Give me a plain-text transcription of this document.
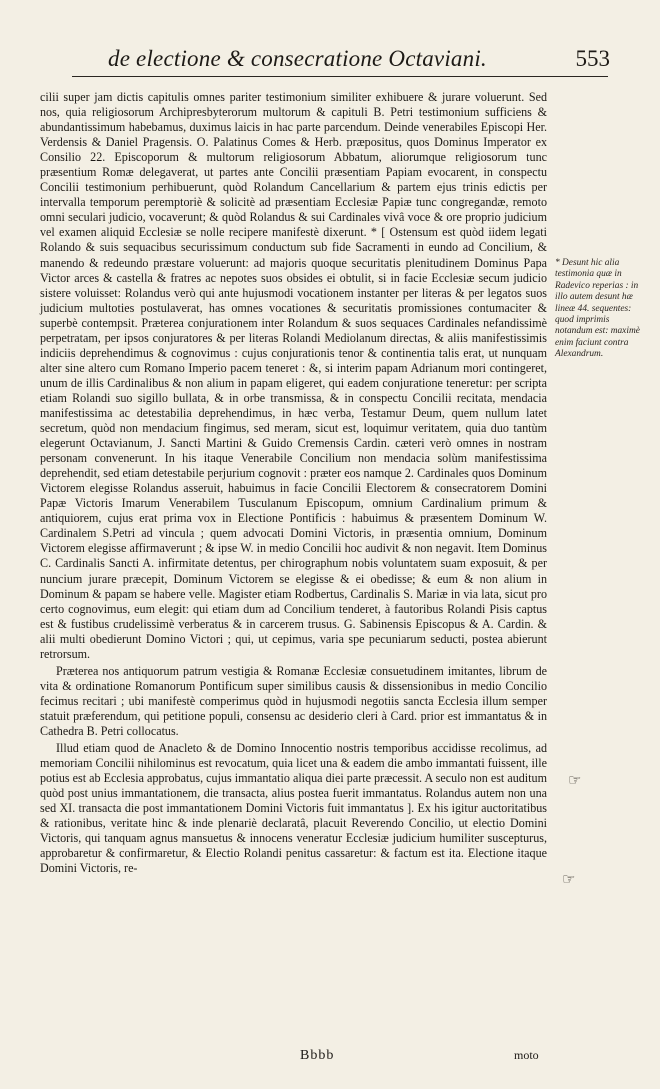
de electione & consecratione Octaviani.	553

cilii super jam dictis capitulis omnes pariter testimonium similiter exhibuere & jurare voluerunt. Sed nos, quia religiosorum Archipresbyterorum multorum & capituli B. Petri testimonium sufficiens & abundantissimum habebamus, duximus laicis in hac parte parcendum. Deinde venerabiles Episcopi Her. Verdensis & Daniel Pragensis. O. Palatinus Comes & Herb. præpositus, quos Dominus Imperator ex Consilio 22. Episcoporum & multorum religiosorum Abbatum, aliorumque religiosorum tunc præsentium Romæ delegaverat, ut partes ante Concilii præsentiam Papiam evocarent, in conspectu Concilii testimonium perhibuerunt, quòd Rolandum Cancellarium & partem ejus trinis edictis per intervalla temporum peremptoriè & solicitè ad præsentiam Ecclesiæ Papiæ tunc congregandæ, remoto omni seculari judicio, vocaverunt; & quòd Rolandus & sui Cardinales vivâ voce & ore proprio judicium vel examen aliquid Ecclesiæ se nolle recipere manifestè dixerunt. * [ Ostensum est quòd iidem legati Rolando & suis sequacibus securissimum conductum sub fide Sacramenti in eundo ad Concilium, & manendo & redeundo præstare voluerunt: ad majoris quoque securitatis plenitudinem Dominus Papa Victor arces & castella & fratres ac nepotes suos obsides ei obtulit, si in facie Ecclesiæ secum judicio sistere voluisset: Rolandus verò qui ante hujusmodi vocationem instanter per literas & per legatos suos judicium multoties postulaverat, has omnes vocationes & securitatis promissiones contumaciter & superbè contempsit. Præterea conjurationem inter Rolandum & suos sequaces Cardinales nefandissimè perpetratam, per ipsos conjuratores & per literas Rolandi Mediolanum directas, & aliis manifestissimis indiciis deprehendimus & cognovimus : cujus conjurationis tenor & continentia talis erat, ut nunquam alter sine altero cum Romano Imperio pacem teneret : &, si interim papam Adrianum mori contingeret, unum de illis Cardinalibus & non alium in papam eligeret, qui eadem conjuratione teneretur: per scripta etiam Rolandi suo sigillo bullata, & in orbe transmissa, & in conspectu Concilii recitata, mendacia manifestissima ac detestabilia deprehendimus, in hæc verba, Testamur Deum, quem nullum latet secretum, quòd non mendacium fingimus, sed meram, sicut est, loquimur veritatem, quia duo tantùm elegerunt Octavianum, J. Sancti Martini & Guido Cremensis Cardin. cæteri verò omnes in nostram personam convenerunt. In his itaque Venerabile Concilium non mendacia solùm manifestissima deprehendit, sed etiam detestabile perjurium cognovit : præter eos namque 2. Cardinales quos Dominum Victorem elegisse Rolandus asseruit, habuimus in facie Concilii Electorem & consecratorem Domini Papæ Victoris Imarum Venerabilem Tusculanum Episcopum, omnium Cardinalium primum & antiquiorem, cujus erat prima vox in Electione Pontificis : habuimus & præsentem Dominum W. Cardinalem S.Petri ad vincula ; quem advocati Domini Victoris, in præsentia omnium, Dominum Victorem elegisse affirmaverunt ; & ipse W. in medio Concilii hoc audivit & non negavit. Item Dominus C. Cardinalis Sancti A. infirmitate detentus, per chirographum nobis voluntatem suam exposuit, & per nuncium jurare præcepit, Dominum Victorem se elegisse & ei obedisse; & eum & non alium in Dominum & papam se habere velle. Magister etiam Rodbertus, Cardinalis S. Mariæ in via lata, sicut pro certo cognovimus, eum elegit: qui etiam dum ad Concilium tenderet, à fautoribus Rolandi Pisis captus est & fustibus crudelissimè verberatus & in carcerem trusus. G. Sabinensis Episcopus & A. Cardin. & alii multi obedierunt Domino Victori ; qui, ut cepimus, varia spe pecuniarum seducti, postea abierunt retrorsum.

Præterea nos antiquorum patrum vestigia & Romanæ Ecclesiæ consuetudinem imitantes, librum de vita & ordinatione Romanorum Pontificum super similibus causis & dissensionibus in medio Concilio fecimus recitari ; ubi manifestè comperimus quòd in hujusmodi negotiis sancta Ecclesia illum semper statuit præferendum, qui petitione populi, consensu ac desiderio cleri à Card. prior est immantatus & in Cathedra B. Petri collocatus.

Illud etiam quod de Anacleto & de Domino Innocentio nostris temporibus accidisse recolimus, ad memoriam Concilii nihilominus est revocatum, quia licet una & eadem die ambo immantati fuissent, ille potius est ab Ecclesia approbatus, cujus immantatio aliqua diei parte præcessit. A seculo non est auditum quòd post unius immantationem, die transacta, alius postea fuerit immantatus. Rolandus autem non una sed XI. transacta die post immantationem Domini Victoris fuit immantatus ]. Ex his igitur auctoritatibus & rationibus, veritate hinc & inde plenariè declaratâ, placuit Reverendo Concilio, ut electio Domini Victoris, qui tanquam agnus mansuetus & innocens veneratur Ecclesiæ judicium humiliter suscepturus, approbaretur & confirmaretur, & Electio Rolandi penitus cassaretur: & factum est ita. Electione itaque Domini Victoris, re-

* Desunt hic alia testimonia quæ in Radevico reperias : in illo autem desunt hæ lineæ 44. sequentes: quod imprimis notandum est: maximè enim faciunt contra Alexandrum.
☞
☞
Bbbb	moto
